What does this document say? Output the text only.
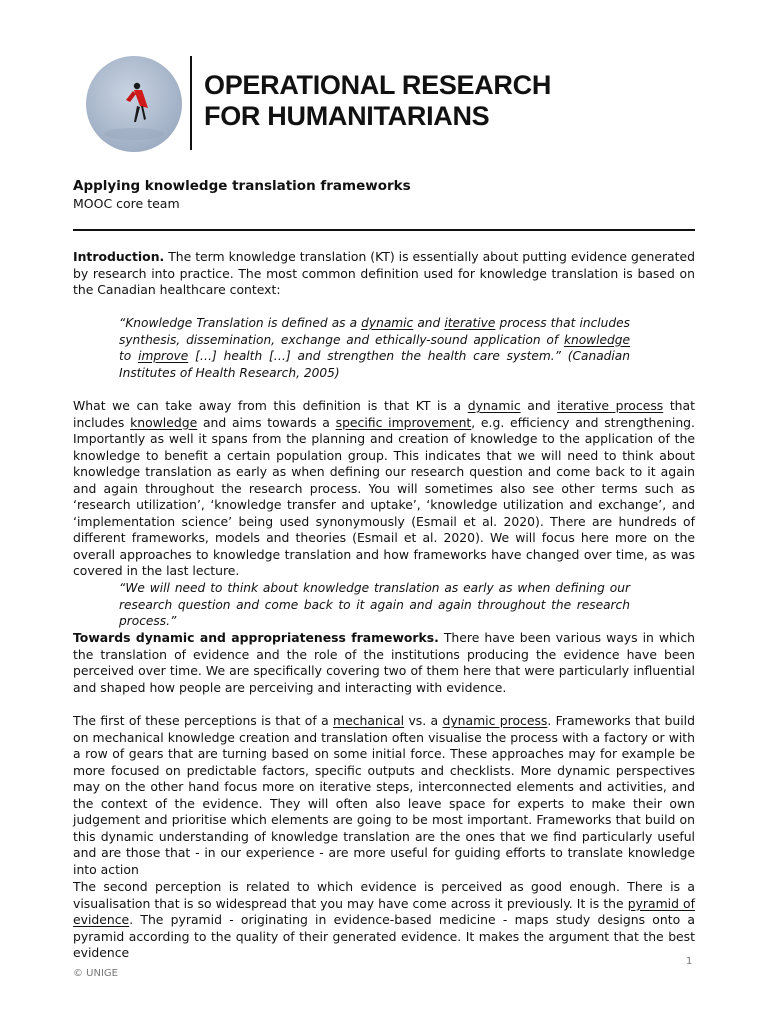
OPERATIONAL RESEARCH
FOR HUMANITARIANS
Applying knowledge translation frameworks
MOOC core team

Introduction. The term knowledge translation (KT) is essentially about putting evidence generated by research into practice. The most common definition used for knowledge translation is based on the Canadian healthcare context:

“Knowledge Translation is defined as a dynamic and iterative process that includes synthesis, dissemination, exchange and ethically-sound application of knowledge to improve […] health […] and strengthen the health care system.” (Canadian Institutes of Health Research, 2005)

What we can take away from this definition is that KT is a dynamic and iterative process that includes knowledge and aims towards a specific improvement, e.g. efficiency and strengthening. Importantly as well it spans from the planning and creation of knowledge to the application of the knowledge to benefit a certain population group. This indicates that we will need to think about knowledge translation as early as when defining our research question and come back to it again and again throughout the research process. You will sometimes also see other terms such as ‘research utilization’, ‘knowledge transfer and uptake’, ‘knowledge utilization and exchange’, and ‘implementation science’ being used synonymously (Esmail et al. 2020). There are hundreds of different frameworks, models and theories (Esmail et al. 2020). We will focus here more on the overall approaches to knowledge translation and how frameworks have changed over time, as was covered in the last lecture.

“We will need to think about knowledge translation as early as when defining our research question and come back to it again and again throughout the research process.”

Towards dynamic and appropriateness frameworks. There have been various ways in which the translation of evidence and the role of the institutions producing the evidence have been perceived over time. We are specifically covering two of them here that were particularly influential and shaped how people are perceiving and interacting with evidence.

The first of these perceptions is that of a mechanical vs. a dynamic process. Frameworks that build on mechanical knowledge creation and translation often visualise the process with a factory or with a row of gears that are turning based on some initial force. These approaches may for example be more focused on predictable factors, specific outputs and checklists. More dynamic perspectives may on the other hand focus more on iterative steps, interconnected elements and activities, and the context of the evidence. They will often also leave space for experts to make their own judgement and prioritise which elements are going to be most important. Frameworks that build on this dynamic understanding of knowledge translation are the ones that we find particularly useful and are those that - in our experience - are more useful for guiding efforts to translate knowledge into action

The second perception is related to which evidence is perceived as good enough. There is a visualisation that is so widespread that you may have come across it previously. It is the pyramid of evidence. The pyramid - originating in evidence-based medicine - maps study designs onto a pyramid according to the quality of their generated evidence. It makes the argument that the best evidence

1
© UNIGE
